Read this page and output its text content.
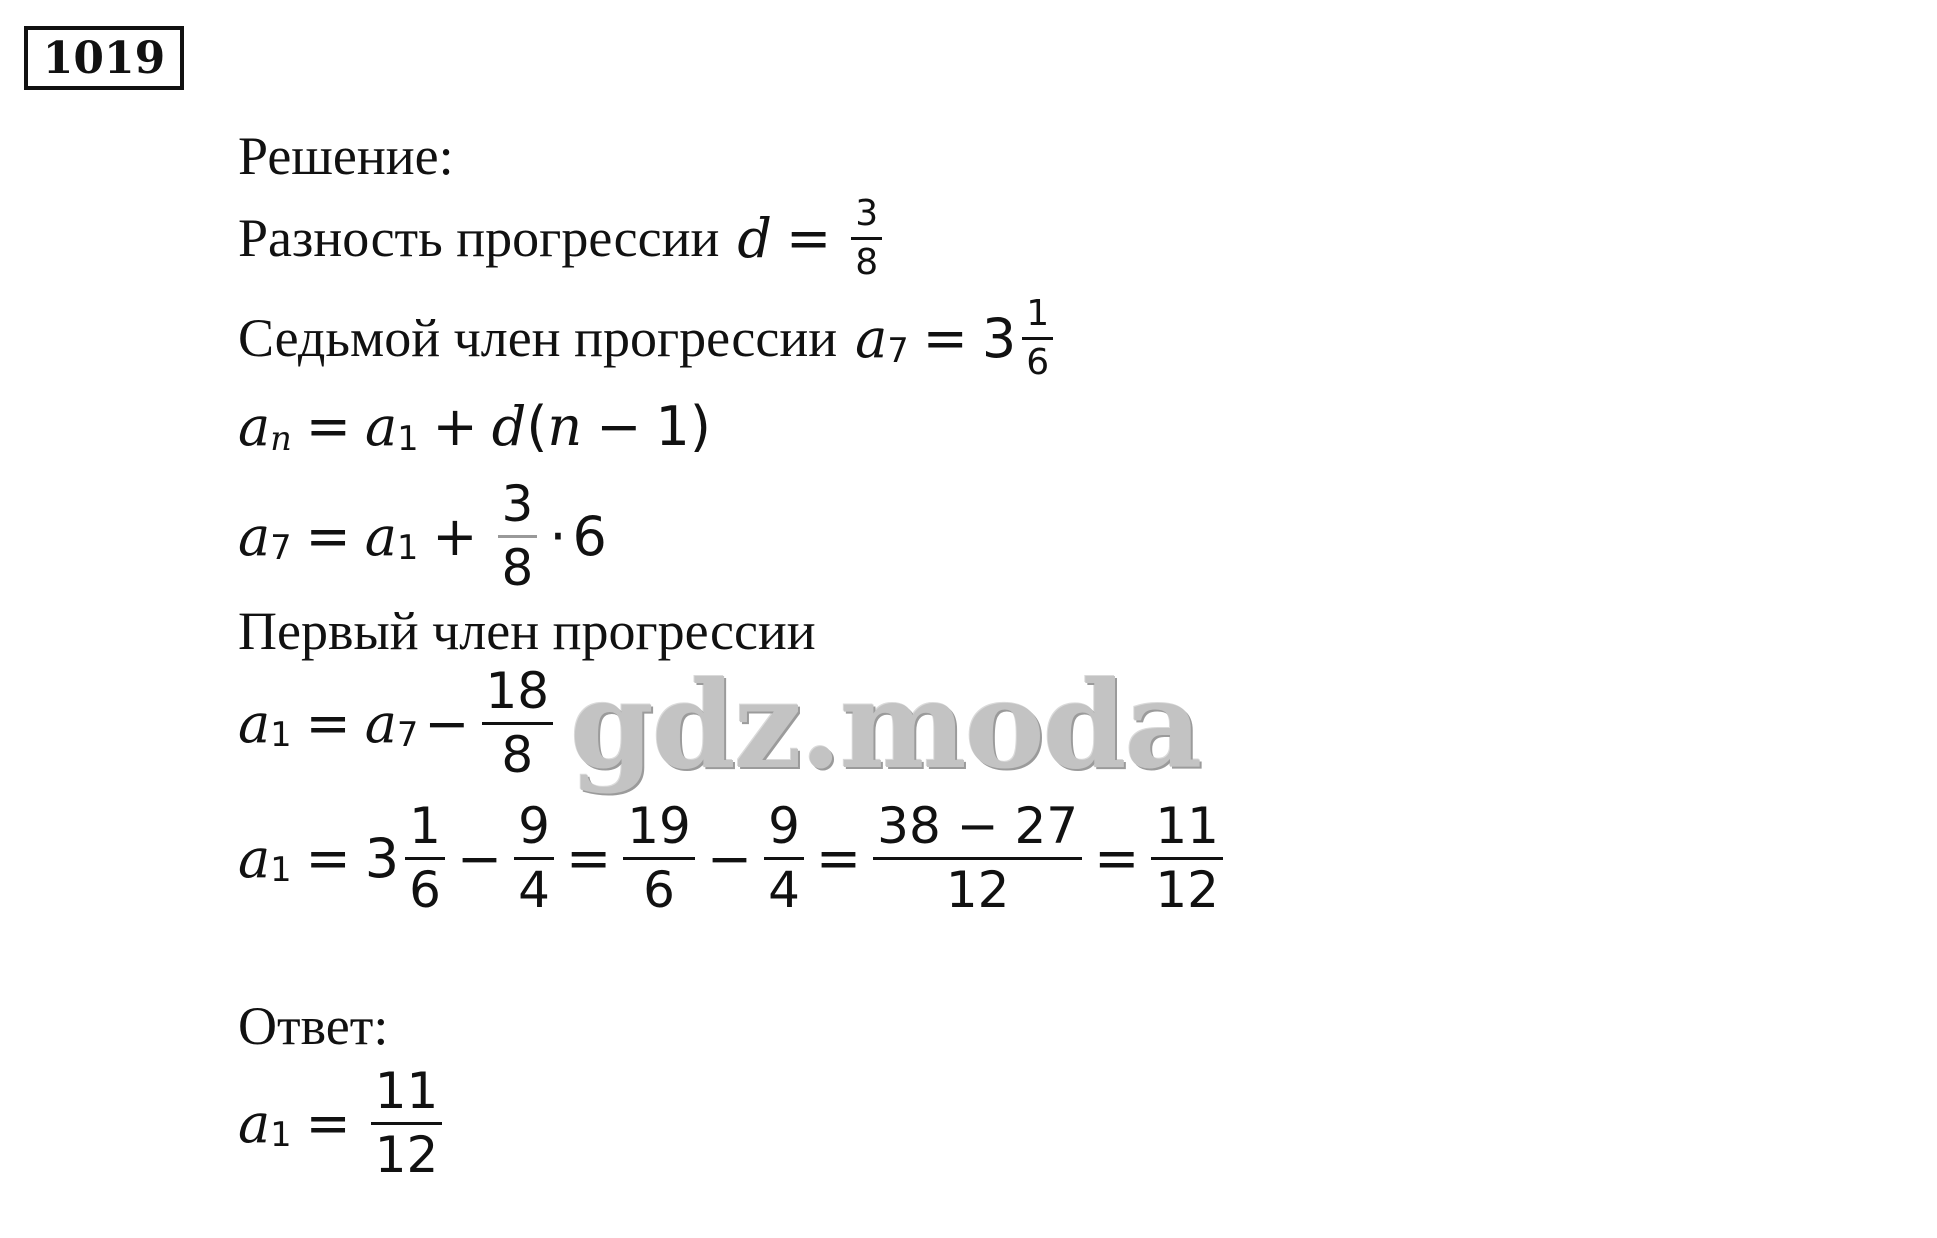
1019
Решение:
Разность прогрессии $d = \frac{3}{8}$
Седьмой член прогрессии a $7 = 3 \frac{1}{6}$
a n = a 1 + d ( n − 1 )
a 7 = a $1 + \frac{3}{8} \cdot 6$
Первый член прогрессии
a 1 = a $7 - \frac{18}{8}$
a $1 = 3 \frac{1}{6} - \frac{9}{4} = \frac{19}{6} - \frac{9}{4} = \frac{38 - 27}{12} = \frac{11}{12}$
Ответ:
a $1 = \frac{11}{12}$
gdz.moda
